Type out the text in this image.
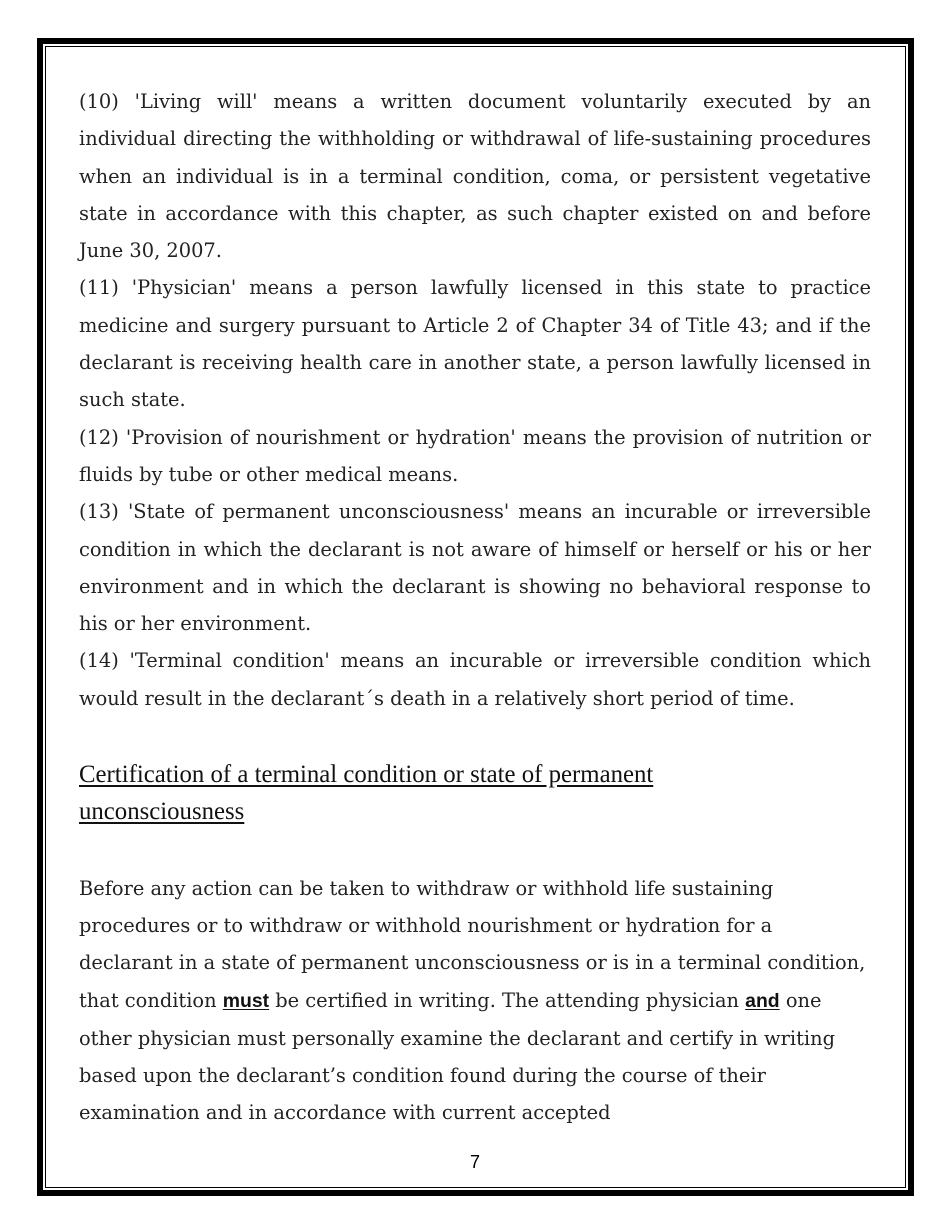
(10) 'Living will' means a written document voluntarily executed by an individual directing the withholding or withdrawal of life-sustaining procedures when an individual is in a terminal condition, coma, or persistent vegetative state in accordance with this chapter, as such chapter existed on and before June 30, 2007.

(11) 'Physician' means a person lawfully licensed in this state to practice medicine and surgery pursuant to Article 2 of Chapter 34 of Title 43; and if the declarant is receiving health care in another state, a person lawfully licensed in such state.

(12) 'Provision of nourishment or hydration' means the provision of nutrition or fluids by tube or other medical means.

(13) 'State of permanent unconsciousness' means an incurable or irreversible condition in which the declarant is not aware of himself or herself or his or her environment and in which the declarant is showing no behavioral response to his or her environment.

(14) 'Terminal condition' means an incurable or irreversible condition which would result in the declarant´s death in a relatively short period of time.

Certification of a terminal condition or state of permanent
unconsciousness

Before any action can be taken to withdraw or withhold life sustaining procedures or to withdraw or withhold nourishment or hydration for a declarant in a state of permanent unconsciousness or is in a terminal condition, that condition must be certified in writing. The attending physician and one other physician must personally examine the declarant and certify in writing based upon the declarant’s condition found during the course of their examination and in accordance with current accepted

7
